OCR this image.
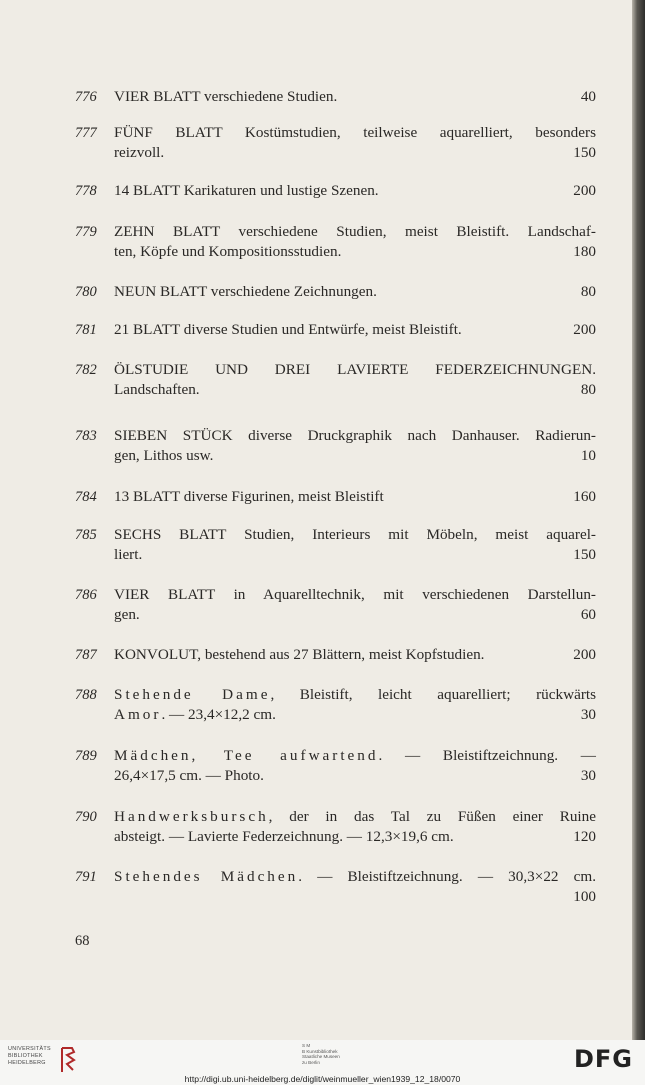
776 VIER BLATT verschiedene Studien.	40
777 FÜNF BLATT Kostümstudien, teilweise aquarelliert, besonders
reizvoll.	150
778 14 BLATT Karikaturen und lustige Szenen.	200
779 ZEHN BLATT verschiedene Studien, meist Bleistift. Landschaf-
ten, Köpfe und Kompositionsstudien.	180
780 NEUN BLATT verschiedene Zeichnungen.	80
781 21 BLATT diverse Studien und Entwürfe, meist Bleistift.	200
782 ÖLSTUDIE UND DREI LAVIERTE FEDERZEICHNUNGEN.
Landschaften.	80
783 SIEBEN STÜCK diverse Druckgraphik nach Danhauser. Radierun-
gen, Lithos usw.	10
784 13 BLATT diverse Figurinen, meist Bleistift	160
785 SECHS BLATT Studien, Interieurs mit Möbeln, meist aquarel-
liert.	150
786 VIER BLATT in Aquarelltechnik, mit verschiedenen Darstellun-
gen.	60
787 KONVOLUT, bestehend aus 27 Blättern, meist Kopfstudien.	200
788 Stehende Dame, Bleistift, leicht aquarelliert; rückwärts
Amor. — 23,4×12,2 cm.	30
789 Mädchen, Tee aufwartend. — Bleistiftzeichnung. —
26,4×17,5 cm. — Photo.	30
790 Handwerksbursch, der in das Tal zu Füßen einer Ruine
absteigt. — Lavierte Federzeichnung. — 12,3×19,6 cm.	120
791 Stehendes Mädchen. — Bleistiftzeichnung. — 30,3×22 cm.
100
68
UNIVERSITÄTS BIBLIOTHEK HEIDELBERG
S M
B Kunstbibliothek
Staatliche Museen
zu Berlin	DFG
http://digi.ub.uni-heidelberg.de/diglit/weinmueller_wien1939_12_18/0070
